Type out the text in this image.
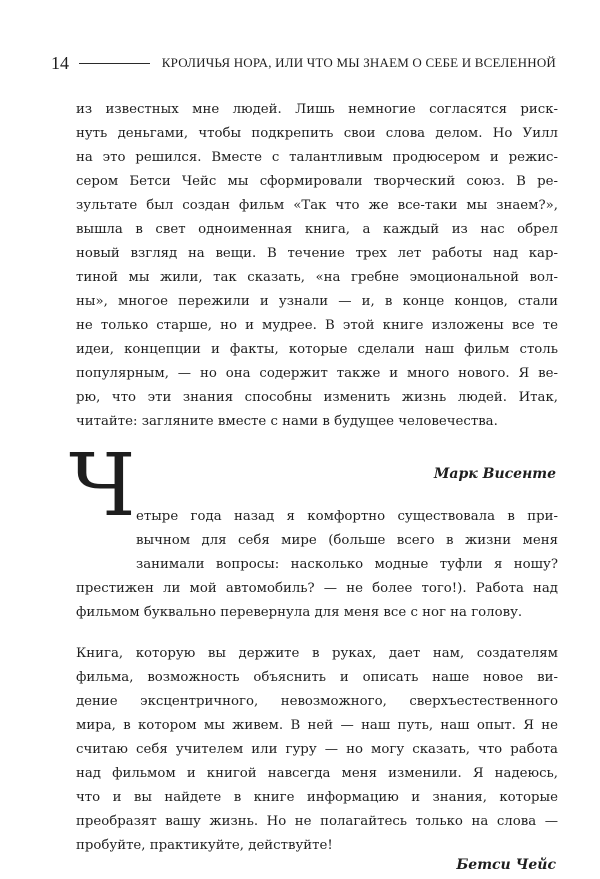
14	КРОЛИЧЬЯ НОРА, ИЛИ ЧТО МЫ ЗНАЕМ О СЕБЕ И ВСЕЛЕННОЙ
из известных мне людей. Лишь немногие согласятся риск-
нуть деньгами, чтобы подкрепить свои слова делом. Но Уилл
на это решился. Вместе с талантливым продюсером и режис-
сером Бетси Чейс мы сформировали творческий союз. В ре-
зультате был создан фильм «Так что же все-таки мы знаем?»,
вышла в свет одноименная книга, а каждый из нас обрел
новый взгляд на вещи. В течение трех лет работы над кар-
тиной мы жили, так сказать, «на гребне эмоциональной вол-
ны», многое пережили и узнали — и, в конце концов, стали
не только старше, но и мудрее. В этой книге изложены все те
идеи, концепции и факты, которые сделали наш фильм столь
популярным, — но она содержит также и много нового. Я ве-
рю, что эти знания способны изменить жизнь людей. Итак,
читайте: загляните вместе с нами в будущее человечества.
Марк Висенте
Ч етыре года назад я комфортно существовала в при-
вычном для себя мире (больше всего в жизни меня
занимали вопросы: насколько модные туфли я ношу?
престижен ли мой автомобиль? — не более того!). Работа над
фильмом буквально перевернула для меня все с ног на голову.
Книга, которую вы держите в руках, дает нам, создателям
фильма, возможность объяснить и описать наше новое ви-
дение эксцентричного, невозможного, сверхъестественного
мира, в котором мы живем. В ней — наш путь, наш опыт. Я не
считаю себя учителем или гуру — но могу сказать, что работа
над фильмом и книгой навсегда меня изменили. Я надеюсь,
что и вы найдете в книге информацию и знания, которые
преобразят вашу жизнь. Но не полагайтесь только на слова —
пробуйте, практикуйте, действуйте!
Бетси Чейс
